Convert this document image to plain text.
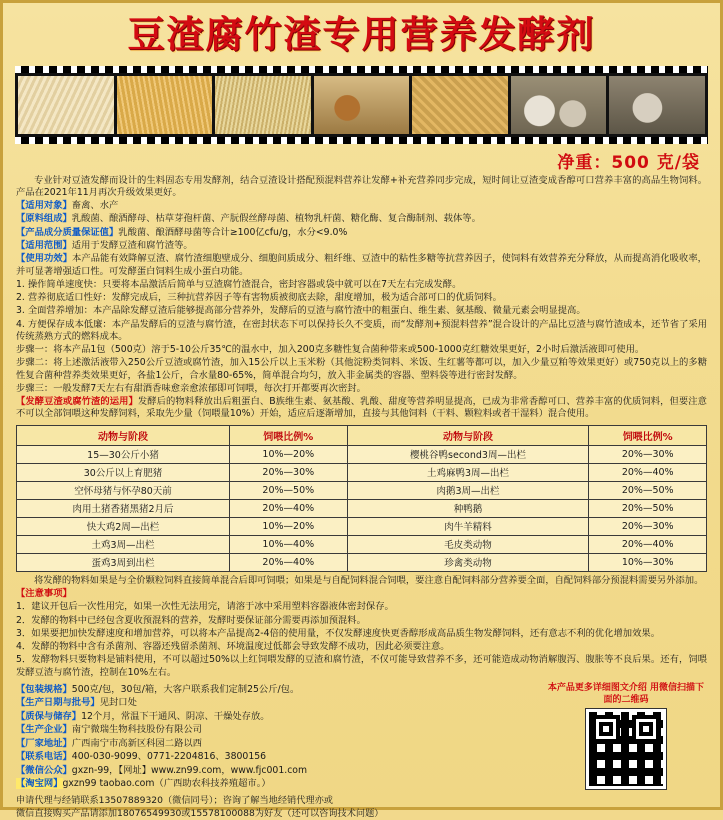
豆渣腐竹渣专用营养发酵剂
净重：500 克/袋

专业针对豆渣发酵而设计的生料固态专用发酵剂，结合豆渣设计搭配预混料营养让发酵+补充营养同步完成，短时间让豆渣变成香醇可口营养丰富的高品生物饲料。产品在2021年11月再次升级效果更好。

【适用对象】畜禽、水产

【原料组成】乳酸菌、酿酒酵母、枯草芽孢杆菌、产朊假丝酵母菌、植物乳杆菌、糖化酶、复合酶制剂、载体等。

【产品成分质量保证值】乳酸菌、酿酒酵母菌等合计≥100亿cfu/g，水分<9.0%

【适用范围】适用于发酵豆渣和腐竹渣等。

【使用功效】本产品能有效降解豆渣、腐竹渣细胞壁成分、细胞间质成分、粗纤维、豆渣中的粘性多糖等抗营养因子，使饲料有效营养充分释放，从而提高消化吸收率，并可显著增强适口性。可发酵蛋白饲料生成小蛋白功能。

1. 操作简单速度快：只要将本品激活后简单与豆渣腐竹渣混合，密封容器或袋中就可以在7天左右完成发酵。

2. 营养彻底适口性好：发酵完成后，三种抗营养因子等有害物质被彻底去除，甜度增加，极为适合部可口的优质饲料。

3. 全面营养增加：本产品除发酵豆渣后能够提高部分营养外，发酵后的豆渣与腐竹渣中的粗蛋白、维生素、氨基酸、微量元素会明显提高。

4. 方便保存成本低廉：本产品发酵后的豆渣与腐竹渣，在密封状态下可以保持长久不变质，而“发酵剂+预混料营养”混合设计的产品比豆渣与腐竹渣成本，还节省了采用传统蒸熟方式的燃料成本。

步骤一：将本产品1包（500克）溶于5-10公斤35℃的温水中，加入200克多糖性复合菌种带来或500-1000克红糖效果更好，2小时后激活液即可使用。

步骤二：将上述激活液带入250公斤豆渣或腐竹渣，加入15公斤以上玉米粉（其他淀粉类饲料、米饭、生红薯等都可以，加入少量豆粕等效果更好）或750克以上的多糖性复合菌种营养类效果更好，各盐1公斤，合水量80-65%，简单混合均匀，放入非金属类的容器、塑料袋等进行密封发酵。

步骤三：一般发酵7天左右有甜酒香味愈亲愈浓郁即可饲喂，每次打开都要再次密封。

【发酵豆渣或腐竹渣的运用】发酵后的物料释放出后粗蛋白、B族维生素、氨基酸、乳酸、甜度等营养明显提高，已成为非常香醇可口、营养丰富的优质饲料，但要注意不可以全部饲喂这种发酵饲料，采取先少量（饲喂量10%）开始，适应后逐渐增加，直接与其他饲料（干料、颗粒料或者干湿料）混合使用。

动物与阶段	饲喂比例%	动物与阶段	饲喂比例%
15—30公斤小猪	10%—20%	樱桃谷鸭second3周—出栏	20%—30%
30公斤以上育肥猪	20%—30%	土鸡麻鸭3周—出栏	20%—40%
空怀母猪与怀孕80天前	20%—50%	肉鹅3周—出栏	20%—50%
肉用土猪香猪黑猪2月后	20%—40%	种鸭鹅	20%—50%
快大鸡2周—出栏	10%—20%	肉牛羊精料	20%—30%
土鸡3周—出栏	10%—40%	毛皮类动物	20%—40%
蛋鸡3周到出栏	20%—40%	珍禽类动物	10%—30%

将发酵的物料如果是与全价颗粒饲料直接简单混合后即可饲喂；如果是与自配饲料混合饲喂，要注意自配饲料部分营养要全面，自配饲料部分预混料需要另外添加。

【注意事项】

1．建议开包后一次性用完，如果一次性无法用完，请溶于冰中采用塑料容器液体密封保存。

2．发酵的物料中已经包含夏收预混料的营养，发酵时要保证部分需要再添加预混料。

3．如果要把加快发酵速度和增加营养，可以将本产品提高2-4倍的使用量，不仅发酵速度快更香醇形成高品质生物发酵饲料，还有意志不利的优化增加效果。

4．发酵的物料中含有杀菌剂、容器还残留杀菌剂、环境温度过低都会导致发酵不成功，因此必须要注意。

5．发酵物料只要物料是铺料使用，不可以超过50%以上红饲喂发酵的豆渣和腐竹渣，不仅可能导致营养不多，还可能造成动物消解腹泻、腹胀等不良后果。还有，饲喂发酵豆渣与腐竹渣，控制在10%左右。

【包装规格】500克/包，30包/箱，大客户联系我们定制25公斤/包。
【生产日期与批号】见封口处
【质保与储存】12个月，常温下干通风、阴凉、干燥处存放。
【生产企业】南宁微瑞生物科技股份有限公司
【厂家地址】广西南宁市高新区科园二路以西
【联系电话】400-030-9099、0771-2204816、3800156
【微信公众】gxzn-99，【网址】www.zn99.com，www.fjc001.com
【淘宝网】gxzn99 taobao.com（广西助农科技养殖超市。）
本产品更多详细图文介绍 用微信扫描下面的二维码
申请代理与经销联系13507889320（微信同号）；咨询了解当地经销代理亦或
微信直接购买产品请添加18076549930或15578100088为好友（还可以咨询技术问题）
